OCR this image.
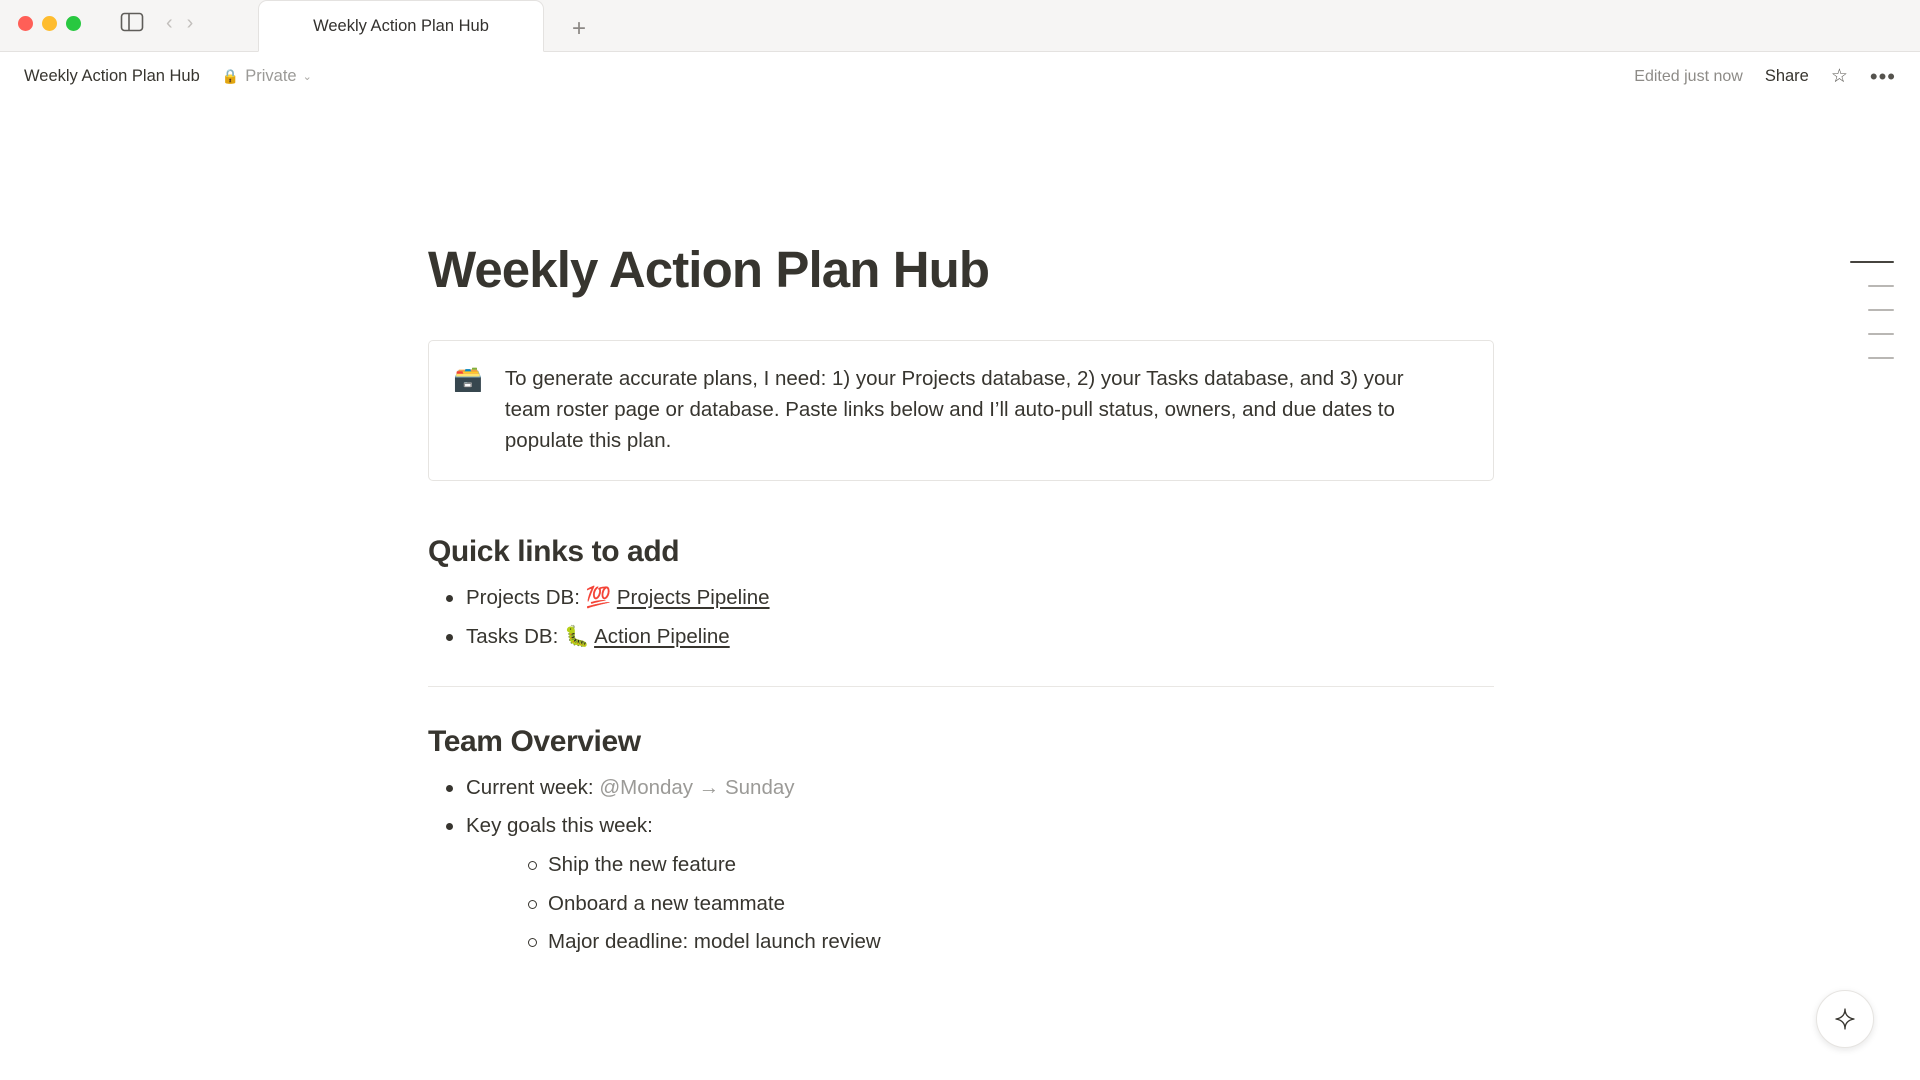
‹ ›	Weekly Action Plan Hub	+
Weekly Action Plan Hub 🔒 Private ⌄	Edited just now Share ☆ •••
Weekly Action Plan Hub
🗃️ To generate accurate plans, I need: 1) your Projects database, 2) your Tasks database, and 3) your team roster page or database. Paste links below and I’ll auto-pull status, owners, and due dates to populate this plan.
Quick links to add
Projects DB: 💯 Projects Pipeline
Tasks DB: 🐛 Action Pipeline
Team Overview
Current week: @Monday → Sunday
Key goals this week:
Ship the new feature
Onboard a new teammate
Major deadline: model launch review
